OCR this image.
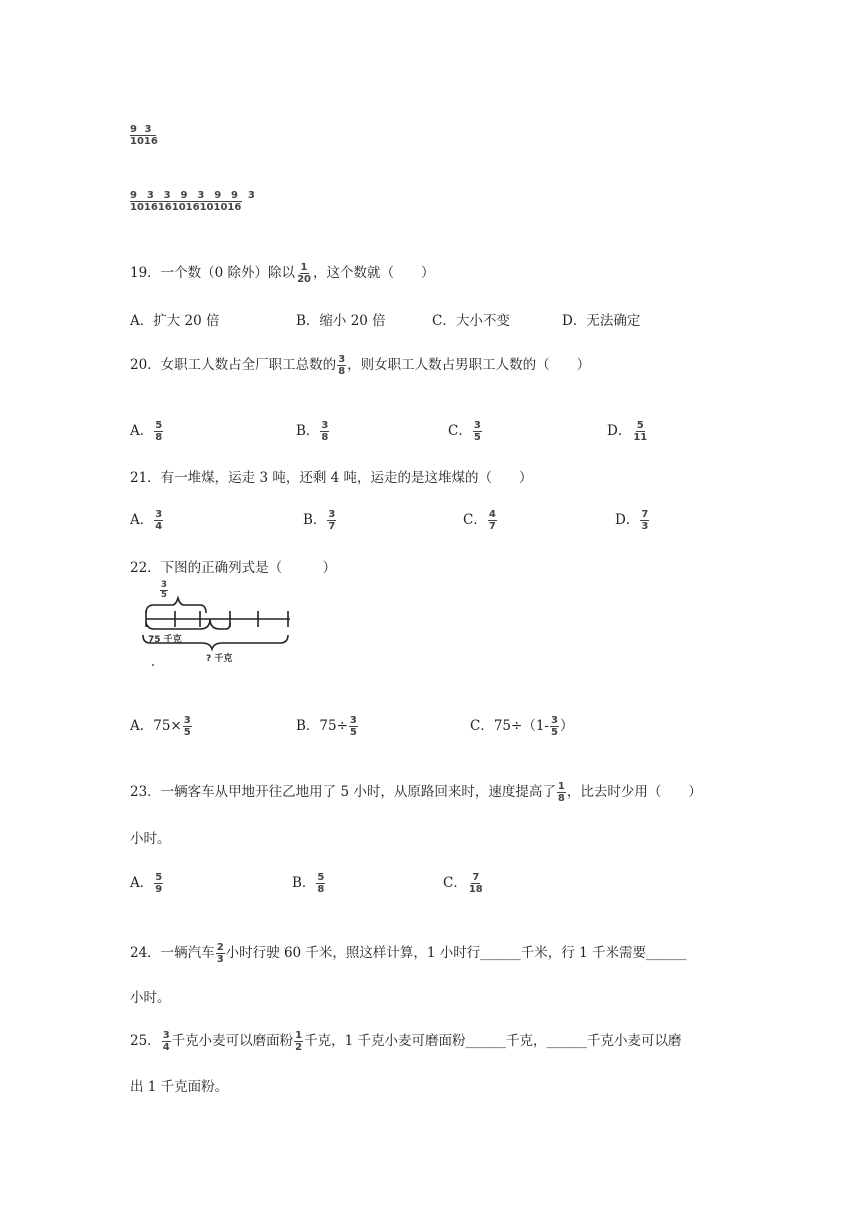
$\frac{9 3}{1016}$
$\frac{9 3 3 9 3 9 9 3}{1016161016101016}$
19．一个数（0 除外）除以 $\frac{1}{20}$ ，这个数就（　　）
A．扩大 20 倍	B．缩小 20 倍	C．大小不变	D．无法确定
20．女职工人数占全厂职工总数的 $\frac{3}{8}$ ，则女职工人数占男职工人数的（　　）
A． $\frac{5}{8}$	B． $\frac{3}{8}$	C． $\frac{3}{5}$	D． $\frac{5}{11}$
21．有一堆煤，运走 3 吨，还剩 4 吨，运走的是这堆煤的（　　）
A． $\frac{3}{4}$	B． $\frac{3}{7}$	C． $\frac{4}{7}$	D． $\frac{7}{3}$
22．下图的正确列式是（　　　）
$\frac{3}{5}$
75 千克
? 千克
A．$75\times \frac{3}{5}$	B．$75\div \frac{3}{5}$	C．$75\div(1- \frac{3}{5}$ ）
23．一辆客车从甲地开往乙地用了 5 小时，从原路回来时，速度提高了 $\frac{1}{8}$ ，比去时少用（　　）
小时。
A． $\frac{5}{9}$	B． $\frac{5}{8}$	C． $\frac{7}{18}$
24．一辆汽车 $\frac{2}{3}$ 小时行驶 60 千米，照这样计算，1 小时行______千米，行 1 千米需要______
小时。
25． $\frac{3}{4}$ 千克小麦可以磨面粉 $\frac{1}{2}$ 千克，1 千克小麦可磨面粉______千克，______千克小麦可以磨
出 1 千克面粉。
